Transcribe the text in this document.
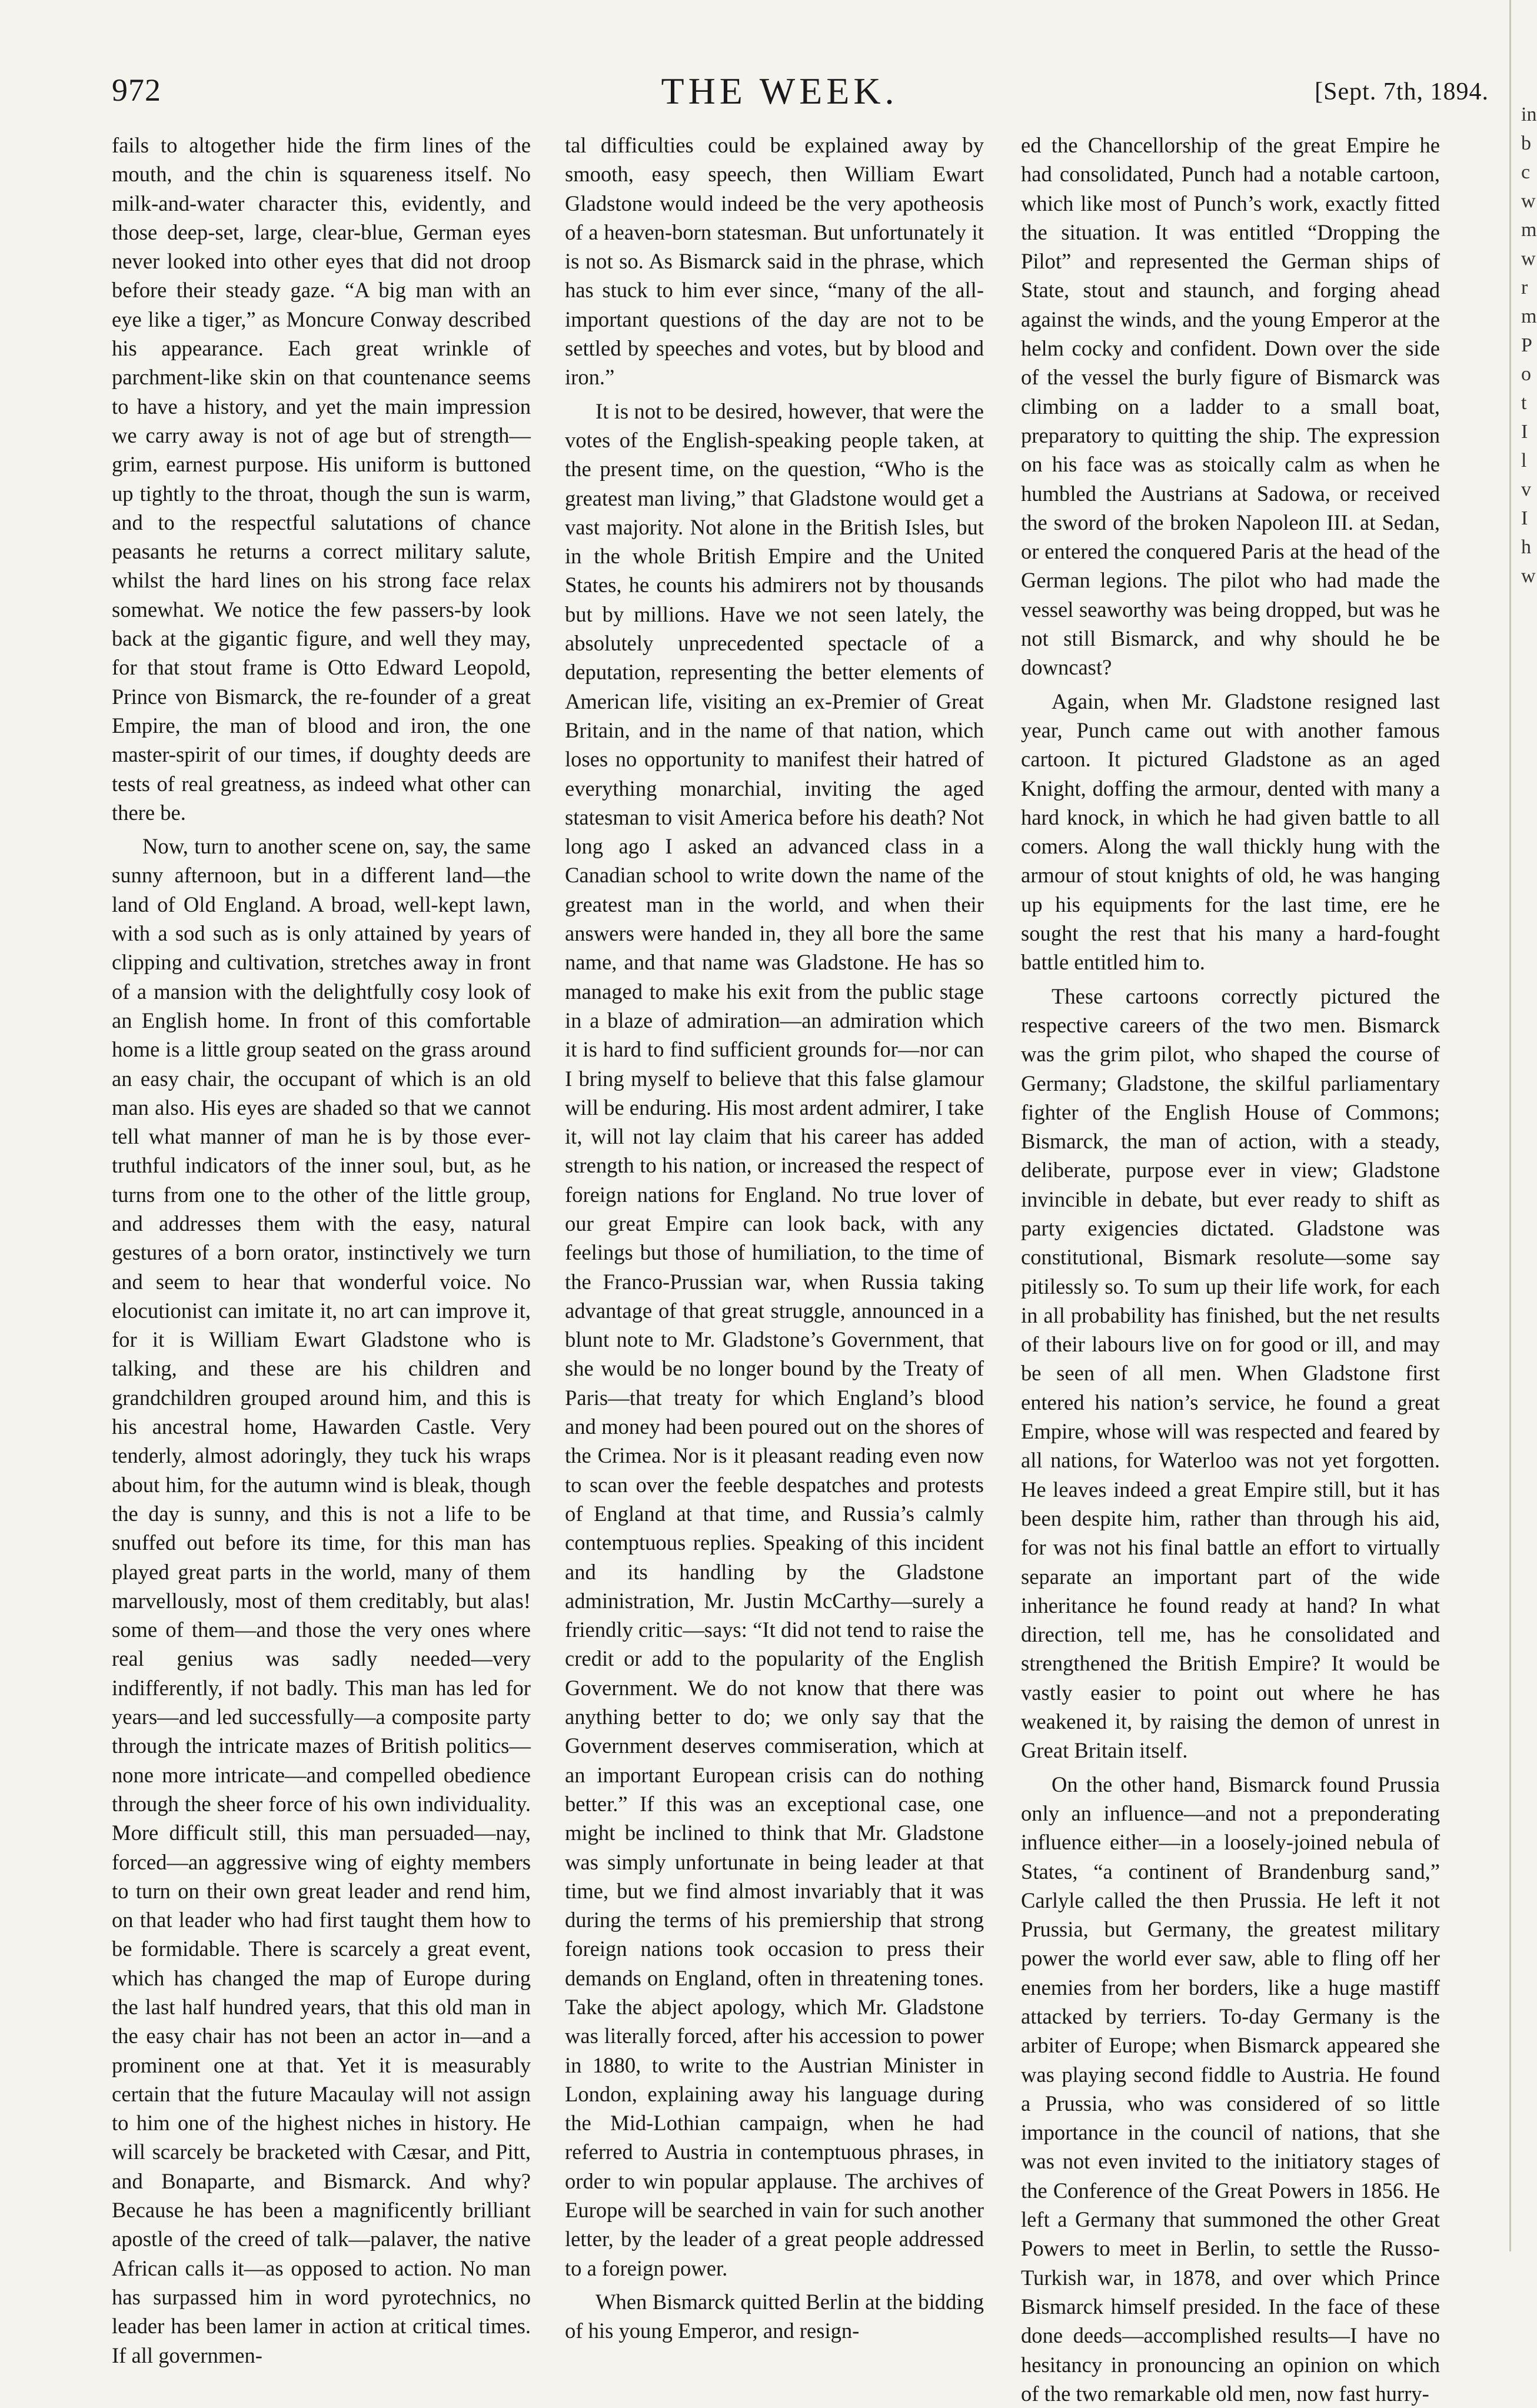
972	THE WEEK.	[Sept. 7th, 1894.

fails to altogether hide the firm lines of the mouth, and the chin is squareness itself. No milk-and-water character this, evidently, and those deep-set, large, clear-blue, German eyes never looked into other eyes that did not droop before their steady gaze. “A big man with an eye like a tiger,” as Moncure Conway described his appearance. Each great wrinkle of parchment-like skin on that countenance seems to have a history, and yet the main impression we carry away is not of age but of strength—grim, earnest purpose. His uniform is buttoned up tightly to the throat, though the sun is warm, and to the respectful salutations of chance peasants he returns a correct military salute, whilst the hard lines on his strong face relax somewhat. We notice the few passers-by look back at the gigantic figure, and well they may, for that stout frame is Otto Edward Leopold, Prince von Bismarck, the re-founder of a great Empire, the man of blood and iron, the one master-spirit of our times, if doughty deeds are tests of real greatness, as indeed what other can there be.

Now, turn to another scene on, say, the same sunny afternoon, but in a different land—the land of Old England. A broad, well-kept lawn, with a sod such as is only attained by years of clipping and cultivation, stretches away in front of a mansion with the delightfully cosy look of an English home. In front of this comfortable home is a little group seated on the grass around an easy chair, the occupant of which is an old man also. His eyes are shaded so that we cannot tell what manner of man he is by those ever-truthful indicators of the inner soul, but, as he turns from one to the other of the little group, and addresses them with the easy, natural gestures of a born orator, instinctively we turn and seem to hear that wonderful voice. No elocutionist can imitate it, no art can improve it, for it is William Ewart Gladstone who is talking, and these are his children and grandchildren grouped around him, and this is his ancestral home, Hawarden Castle. Very tenderly, almost adoringly, they tuck his wraps about him, for the autumn wind is bleak, though the day is sunny, and this is not a life to be snuffed out before its time, for this man has played great parts in the world, many of them marvellously, most of them creditably, but alas! some of them—and those the very ones where real genius was sadly needed—very indifferently, if not badly. This man has led for years—and led successfully—a composite party through the intricate mazes of British politics—none more intricate—and compelled obedience through the sheer force of his own individuality. More difficult still, this man persuaded—nay, forced—an aggressive wing of eighty members to turn on their own great leader and rend him, on that leader who had first taught them how to be formidable. There is scarcely a great event, which has changed the map of Europe during the last half hundred years, that this old man in the easy chair has not been an actor in—and a prominent one at that. Yet it is measurably certain that the future Macaulay will not assign to him one of the highest niches in history. He will scarcely be bracketed with Cæsar, and Pitt, and Bonaparte, and Bismarck. And why? Because he has been a magnificently brilliant apostle of the creed of talk—palaver, the native African calls it—as opposed to action. No man has surpassed him in word pyrotechnics, no leader has been lamer in action at critical times. If all governmen-

tal difficulties could be explained away by smooth, easy speech, then William Ewart Gladstone would indeed be the very apotheosis of a heaven-born statesman. But unfortunately it is not so. As Bismarck said in the phrase, which has stuck to him ever since, “many of the all-important questions of the day are not to be settled by speeches and votes, but by blood and iron.”

It is not to be desired, however, that were the votes of the English-speaking people taken, at the present time, on the question, “Who is the greatest man living,” that Gladstone would get a vast majority. Not alone in the British Isles, but in the whole British Empire and the United States, he counts his admirers not by thousands but by millions. Have we not seen lately, the absolutely unprecedented spectacle of a deputation, representing the better elements of American life, visiting an ex-Premier of Great Britain, and in the name of that nation, which loses no opportunity to manifest their hatred of everything monarchial, inviting the aged statesman to visit America before his death? Not long ago I asked an advanced class in a Canadian school to write down the name of the greatest man in the world, and when their answers were handed in, they all bore the same name, and that name was Gladstone. He has so managed to make his exit from the public stage in a blaze of admiration—an admiration which it is hard to find sufficient grounds for—nor can I bring myself to believe that this false glamour will be enduring. His most ardent admirer, I take it, will not lay claim that his career has added strength to his nation, or increased the respect of foreign nations for England. No true lover of our great Empire can look back, with any feelings but those of humiliation, to the time of the Franco-Prussian war, when Russia taking advantage of that great struggle, announced in a blunt note to Mr. Gladstone’s Government, that she would be no longer bound by the Treaty of Paris—that treaty for which England’s blood and money had been poured out on the shores of the Crimea. Nor is it pleasant reading even now to scan over the feeble despatches and protests of England at that time, and Russia’s calmly contemptuous replies. Speaking of this incident and its handling by the Gladstone administration, Mr. Justin McCarthy—surely a friendly critic—says: “It did not tend to raise the credit or add to the popularity of the English Government. We do not know that there was anything better to do; we only say that the Government deserves commiseration, which at an important European crisis can do nothing better.” If this was an exceptional case, one might be inclined to think that Mr. Gladstone was simply unfortunate in being leader at that time, but we find almost invariably that it was during the terms of his premiership that strong foreign nations took occasion to press their demands on England, often in threatening tones. Take the abject apology, which Mr. Gladstone was literally forced, after his accession to power in 1880, to write to the Austrian Minister in London, explaining away his language during the Mid-Lothian campaign, when he had referred to Austria in contemptuous phrases, in order to win popular applause. The archives of Europe will be searched in vain for such another letter, by the leader of a great people addressed to a foreign power.

When Bismarck quitted Berlin at the bidding of his young Emperor, and resign-

ed the Chancellorship of the great Empire he had consolidated, Punch had a notable cartoon, which like most of Punch’s work, exactly fitted the situation. It was entitled “Dropping the Pilot” and represented the German ships of State, stout and staunch, and forging ahead against the winds, and the young Emperor at the helm cocky and confident. Down over the side of the vessel the burly figure of Bismarck was climbing on a ladder to a small boat, preparatory to quitting the ship. The expression on his face was as stoically calm as when he humbled the Austrians at Sadowa, or received the sword of the broken Napoleon III. at Sedan, or entered the conquered Paris at the head of the German legions. The pilot who had made the vessel seaworthy was being dropped, but was he not still Bismarck, and why should he be downcast?

Again, when Mr. Gladstone resigned last year, Punch came out with another famous cartoon. It pictured Gladstone as an aged Knight, doffing the armour, dented with many a hard knock, in which he had given battle to all comers. Along the wall thickly hung with the armour of stout knights of old, he was hanging up his equipments for the last time, ere he sought the rest that his many a hard-fought battle entitled him to.

These cartoons correctly pictured the respective careers of the two men. Bismarck was the grim pilot, who shaped the course of Germany; Gladstone, the skilful parliamentary fighter of the English House of Commons; Bismarck, the man of action, with a steady, deliberate, purpose ever in view; Gladstone invincible in debate, but ever ready to shift as party exigencies dictated. Gladstone was constitutional, Bismark resolute—some say pitilessly so. To sum up their life work, for each in all probability has finished, but the net results of their labours live on for good or ill, and may be seen of all men. When Gladstone first entered his nation’s service, he found a great Empire, whose will was respected and feared by all nations, for Waterloo was not yet forgotten. He leaves indeed a great Empire still, but it has been despite him, rather than through his aid, for was not his final battle an effort to virtually separate an important part of the wide inheritance he found ready at hand? In what direction, tell me, has he consolidated and strengthened the British Empire? It would be vastly easier to point out where he has weakened it, by raising the demon of unrest in Great Britain itself.

On the other hand, Bismarck found Prussia only an influence—and not a preponderating influence either—in a loosely-joined nebula of States, “a continent of Brandenburg sand,” Carlyle called the then Prussia. He left it not Prussia, but Germany, the greatest military power the world ever saw, able to fling off her enemies from her borders, like a huge mastiff attacked by terriers. To-day Germany is the arbiter of Europe; when Bismarck appeared she was playing second fiddle to Austria. He found a Prussia, who was considered of so little importance in the council of nations, that she was not even invited to the initiatory stages of the Conference of the Great Powers in 1856. He left a Germany that summoned the other Great Powers to meet in Berlin, to settle the Russo-Turkish war, in 1878, and over which Prince Bismarck himself presided. In the face of these done deeds—accomplished results—I have no hesitancy in pronouncing an opinion on which of the two remarkable old men, now fast hurry-

in b c w m w r m P o t I l v I h w
